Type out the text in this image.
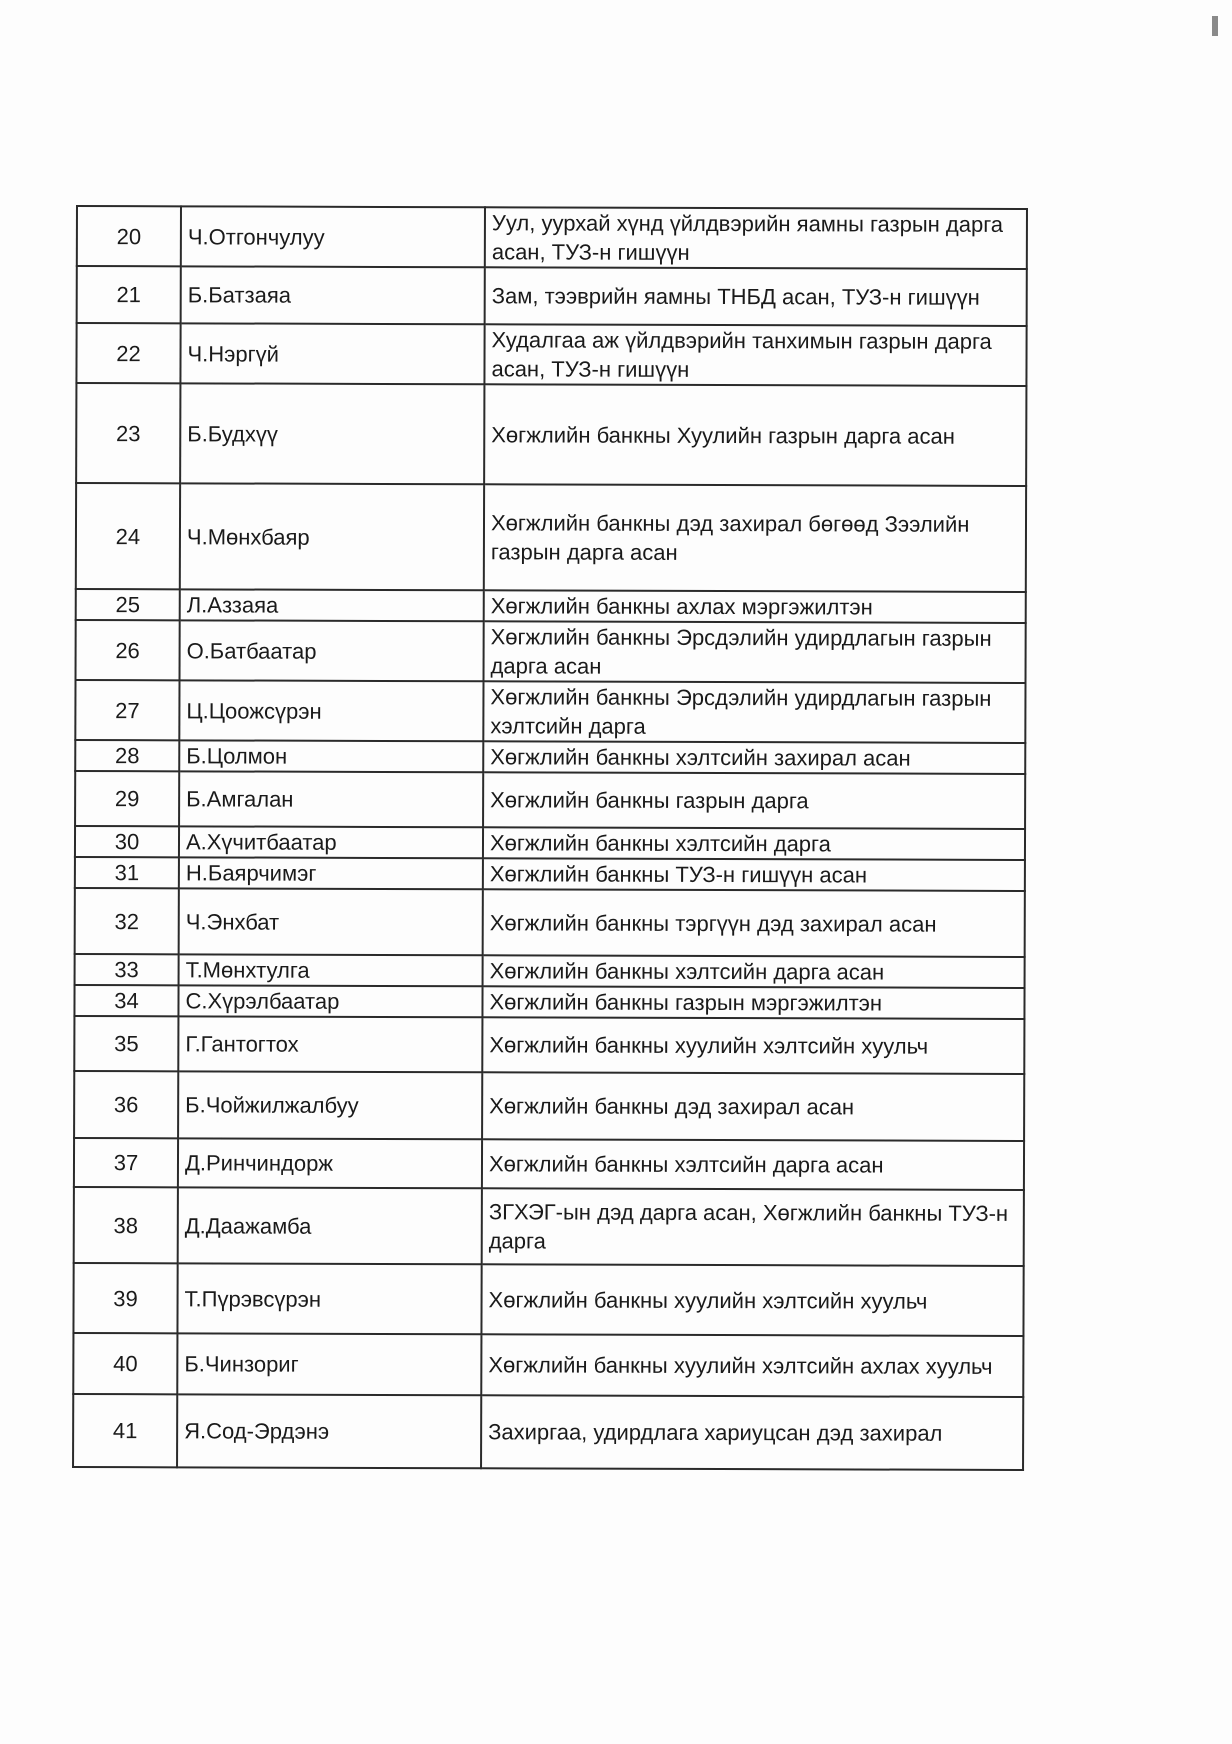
20	Ч.Отгончулуу	Уул, уурхай хүнд үйлдвэрийн яамны газрын дарга асан, ТУЗ-н гишүүн
21	Б.Батзаяа	Зам, тээврийн яамны ТНБД асан, ТУЗ-н гишүүн
22	Ч.Нэргүй	Худалгаа аж үйлдвэрийн танхимын газрын дарга асан, ТУЗ-н гишүүн
23	Б.Будхүү	Хөгжлийн банкны Хуулийн газрын дарга асан
24	Ч.Мөнхбаяр	Хөгжлийн банкны дэд захирал бөгөөд Зээлийн газрын дарга асан
25	Л.Аззаяа	Хөгжлийн банкны ахлах мэргэжилтэн
26	О.Батбаатар	Хөгжлийн банкны Эрсдэлийн удирдлагын газрын дарга асан
27	Ц.Цоожсүрэн	Хөгжлийн банкны Эрсдэлийн удирдлагын газрын хэлтсийн дарга
28	Б.Цолмон	Хөгжлийн банкны хэлтсийн захирал асан
29	Б.Амгалан	Хөгжлийн банкны газрын дарга
30	А.Хүчитбаатар	Хөгжлийн банкны хэлтсийн дарга
31	Н.Баярчимэг	Хөгжлийн банкны ТУЗ-н гишүүн асан
32	Ч.Энхбат	Хөгжлийн банкны тэргүүн дэд захирал асан
33	Т.Мөнхтулга	Хөгжлийн банкны хэлтсийн дарга асан
34	С.Хүрэлбаатар	Хөгжлийн банкны газрын мэргэжилтэн
35	Г.Гантогтох	Хөгжлийн банкны хуулийн хэлтсийн хуульч
36	Б.Чойжилжалбуу	Хөгжлийн банкны дэд захирал асан
37	Д.Ринчиндорж	Хөгжлийн банкны хэлтсийн дарга асан
38	Д.Даажамба	ЗГХЭГ-ын дэд дарга асан, Хөгжлийн банкны ТУЗ-н дарга
39	Т.Пүрэвсүрэн	Хөгжлийн банкны хуулийн хэлтсийн хуульч
40	Б.Чинзориг	Хөгжлийн банкны хуулийн хэлтсийн ахлах хуульч
41	Я.Сод-Эрдэнэ	Захиргаа, удирдлага хариуцсан дэд захирал
